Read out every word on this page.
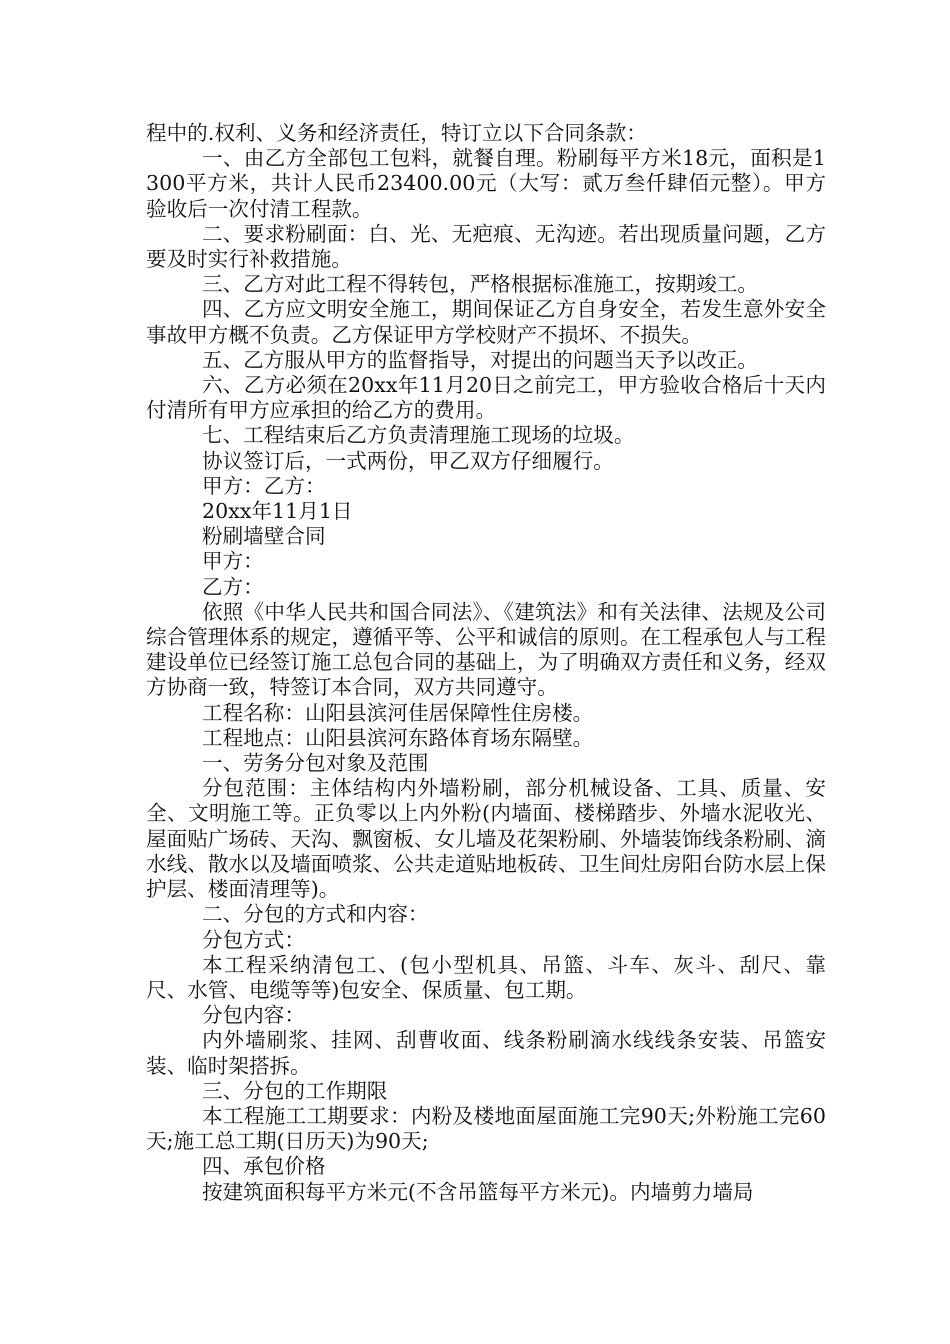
程中的.权利、义务和经济责任，特订立以下合同条款：

一、由乙方全部包工包料，就餐自理。粉刷每平方米18元，面积是1300平方米，共计人民币23400.00元（大写：贰万叁仟肆佰元整）。甲方验收后一次付清工程款。

二、要求粉刷面：白、光、无疤痕、无沟迹。若出现质量问题，乙方要及时实行补救措施。

三、乙方对此工程不得转包，严格根据标准施工，按期竣工。

四、乙方应文明安全施工，期间保证乙方自身安全，若发生意外安全事故甲方概不负责。乙方保证甲方学校财产不损坏、不损失。

五、乙方服从甲方的监督指导，对提出的问题当天予以改正。

六、乙方必须在20xx年11月20日之前完工，甲方验收合格后十天内付清所有甲方应承担的给乙方的费用。

七、工程结束后乙方负责清理施工现场的垃圾。

协议签订后，一式两份，甲乙双方仔细履行。

甲方：乙方：

20xx年11月1日

粉刷墙壁合同

甲方：

乙方：

依照《中华人民共和国合同法》、《建筑法》和有关法律、法规及公司综合管理体系的规定，遵循平等、公平和诚信的原则。在工程承包人与工程建设单位已经签订施工总包合同的基础上，为了明确双方责任和义务，经双方协商一致，特签订本合同，双方共同遵守。

工程名称：山阳县滨河佳居保障性住房楼。

工程地点：山阳县滨河东路体育场东隔壁。

一、劳务分包对象及范围

分包范围：主体结构内外墙粉刷，部分机械设备、工具、质量、安全、文明施工等。正负零以上内外粉(内墙面、楼梯踏步、外墙水泥收光、屋面贴广场砖、天沟、飘窗板、女儿墙及花架粉刷、外墙装饰线条粉刷、滴水线、散水以及墙面喷浆、公共走道贴地板砖、卫生间灶房阳台防水层上保护层、楼面清理等)。

二、分包的方式和内容：

分包方式：

本工程采纳清包工、(包小型机具、吊篮、斗车、灰斗、刮尺、靠尺、水管、电缆等等)包安全、保质量、包工期。

分包内容：

内外墙刷浆、挂网、刮曹收面、线条粉刷滴水线线条安装、吊篮安装、临时架搭拆。

三、分包的工作期限

本工程施工工期要求：内粉及楼地面屋面施工完90天;外粉施工完60天;施工总工期(日历天)为90天;

四、承包价格

按建筑面积每平方米元(不含吊篮每平方米元)。内墙剪力墙局
